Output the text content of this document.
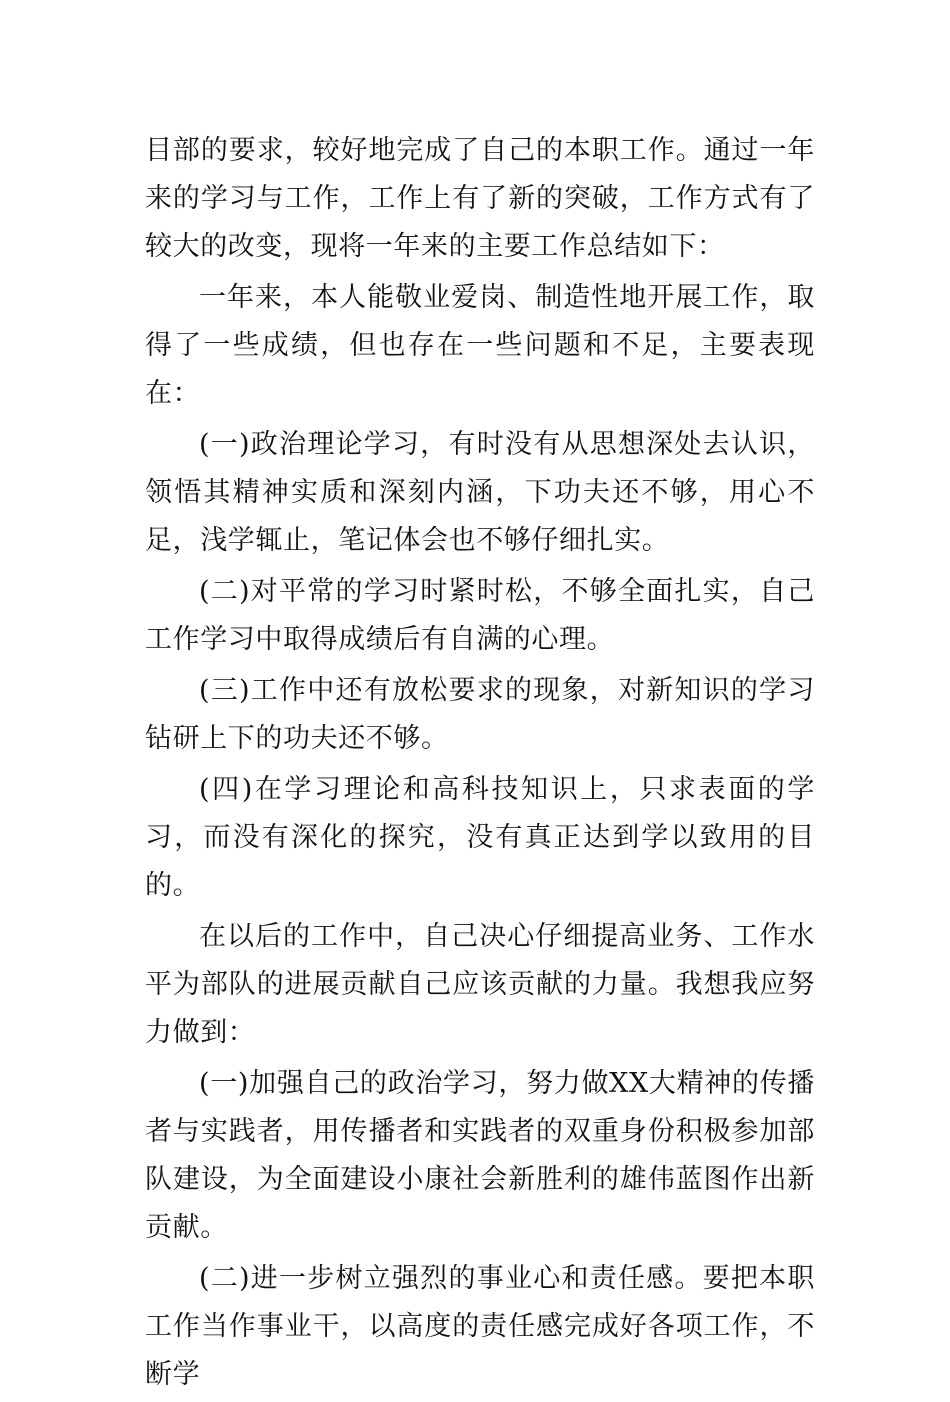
目部的要求，较好地完成了自己的本职工作。通过一年来的学习与工作，工作上有了新的突破，工作方式有了较大的改变，现将一年来的主要工作总结如下：

一年来，本人能敬业爱岗、制造性地开展工作，取得了一些成绩，但也存在一些问题和不足，主要表现在：

(一)政治理论学习，有时没有从思想深处去认识，领悟其精神实质和深刻内涵，下功夫还不够，用心不足，浅学辄止，笔记体会也不够仔细扎实。

(二)对平常的学习时紧时松，不够全面扎实，自己工作学习中取得成绩后有自满的心理。

(三)工作中还有放松要求的现象，对新知识的学习钻研上下的功夫还不够。

(四)在学习理论和高科技知识上，只求表面的学习，而没有深化的探究，没有真正达到学以致用的目的。

在以后的工作中，自己决心仔细提高业务、工作水平为部队的进展贡献自己应该贡献的力量。我想我应努力做到：

(一)加强自己的政治学习，努力做XX大精神的传播者与实践者，用传播者和实践者的双重身份积极参加部队建设，为全面建设小康社会新胜利的雄伟蓝图作出新贡献。

(二)进一步树立强烈的事业心和责任感。要把本职工作当作事业干，以高度的责任感完成好各项工作，不断学
